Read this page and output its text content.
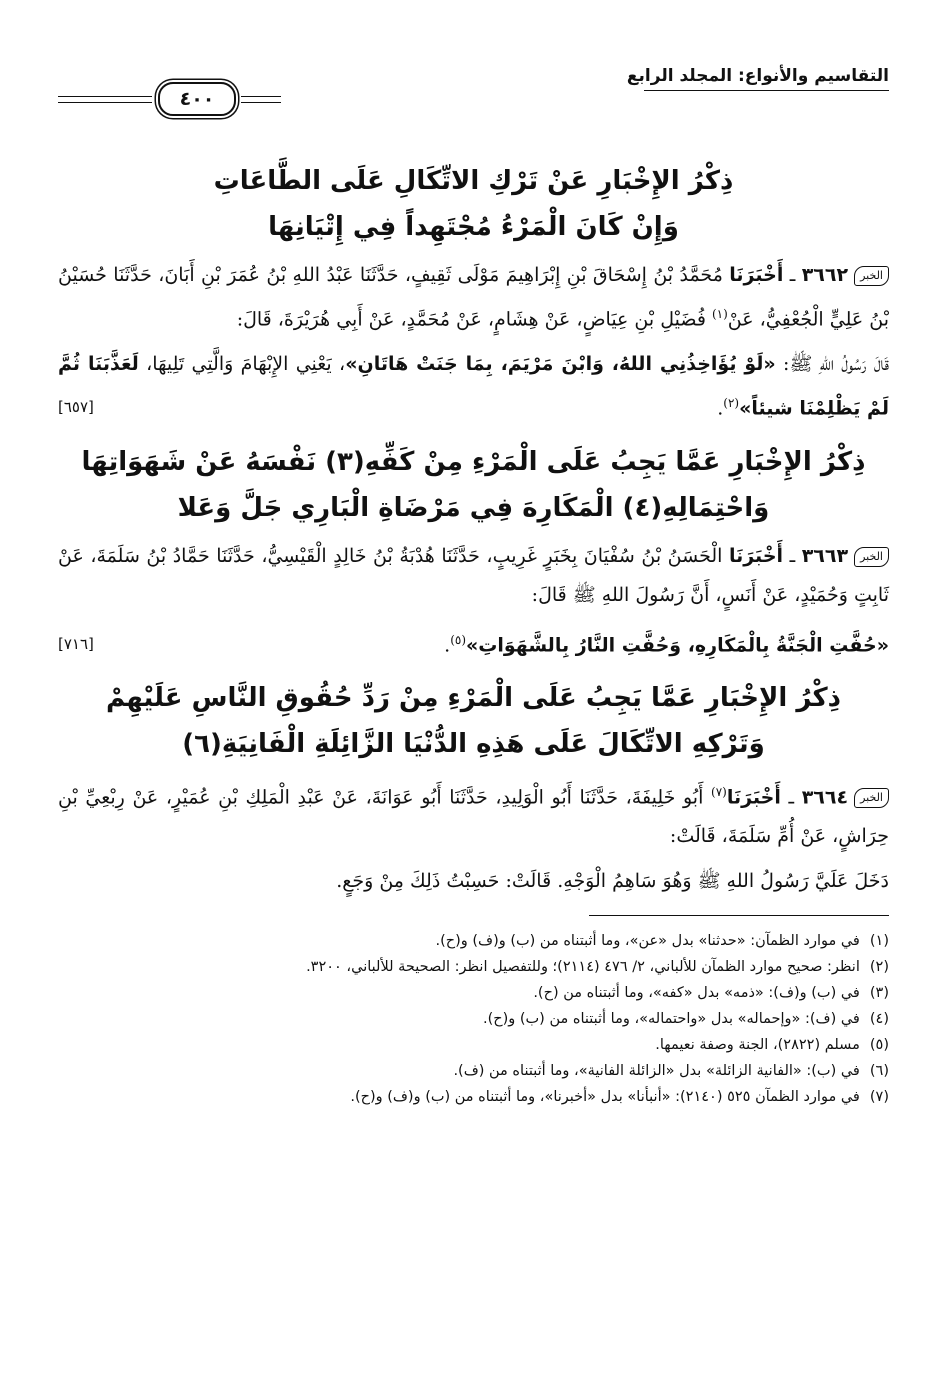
التقاسيم والأنواع: المجلد الرابع
٤٠٠

ذِكْرُ الإِخْبَارِ عَنْ تَرْكِ الاتِّكَالِ عَلَى الطَّاعَاتِ
وَإِنْ كَانَ الْمَرْءُ مُجْتَهِداً فِي إِتْيَانِهَا

الخبر٣٦٦٢ ـ أَخْبَرَنَا مُحَمَّدُ بْنُ إِسْحَاقَ بْنِ إِبْرَاهِيمَ مَوْلَى ثَقِيفٍ، حَدَّثَنَا عَبْدُ اللهِ بْنُ عُمَرَ بْنِ أَبَانَ، حَدَّثَنَا حُسَيْنُ بْنُ عَلِيٍّ الْجُعْفِيُّ، عَنْ$^{(١)}$ فُضَيْلِ بْنِ عِيَاضٍ، عَنْ هِشَامٍ، عَنْ مُحَمَّدٍ، عَنْ أَبِي هُرَيْرَةَ، قَالَ:

قَالَ رَسُولُ اللهِ ﷺ: «لَوْ يُؤَاخِذُنِي اللهُ، وَابْنَ مَرْيَمَ، بِمَا جَنَتْ هَاتَانِ»، يَعْنِي الإِبْهَامَ وَالَّتِي تَلِيهَا، لَعَذَّبَنَا ثُمَّ لَمْ يَظْلِمْنَا شيئاً»$^{(٢)}$.
[٦٥٧]

ذِكْرُ الإِخْبَارِ عَمَّا يَجِبُ عَلَى الْمَرْءِ مِنْ كَفِّهِ(٣) نَفْسَهُ عَنْ شَهَوَاتِهَا
وَاحْتِمَالِهِ(٤) الْمَكَارِهَ فِي مَرْضَاةِ الْبَارِي جَلَّ وَعَلا

الخبر٣٦٦٣ ـ أَخْبَرَنَا الْحَسَنُ بْنُ سُفْيَانَ بِخَبَرٍ غَرِيبٍ، حَدَّثَنَا هُدْبَةُ بْنُ خَالِدٍ الْقَيْسِيُّ، حَدَّثَنَا حَمَّادُ بْنُ سَلَمَةَ، عَنْ ثَابِتٍ وَحُمَيْدٍ، عَنْ أَنَسٍ، أَنَّ رَسُولَ اللهِ ﷺ قَالَ:

«حُفَّتِ الْجَنَّةُ بِالْمَكَارِهِ، وَحُفَّتِ النَّارُ بِالشَّهَوَاتِ»$^{(٥)}$.
[٧١٦]

ذِكْرُ الإِخْبَارِ عَمَّا يَجِبُ عَلَى الْمَرْءِ مِنْ رَدِّ حُقُوقِ النَّاسِ عَلَيْهِمْ
وَتَرْكِهِ الاتِّكَالَ عَلَى هَذِهِ الدُّنْيَا الزَّائِلَةِ الْفَانِيَةِ(٦)

الخبر٣٦٦٤ ـ أَخْبَرَنَا$^{(٧)}$ أَبُو خَلِيفَةَ، حَدَّثَنَا أَبُو الْوَلِيدِ، حَدَّثَنَا أَبُو عَوَانَةَ، عَنْ عَبْدِ الْمَلِكِ بْنِ عُمَيْرٍ، عَنْ رِبْعِيِّ بْنِ حِرَاشٍ، عَنْ أُمِّ سَلَمَةَ، قَالَتْ:

دَخَلَ عَلَيَّ رَسُولُ اللهِ ﷺ وَهُوَ سَاهِمُ الْوَجْهِ. قَالَتْ: حَسِبْتُ ذَلِكَ مِنْ وَجَعٍ.

(١)
في موارد الظمآن: «حدثنا» بدل «عن»، وما أثبتناه من (ب) و(ف) و(ح).
(٢)
انظر: صحيح موارد الظمآن للألباني، ٢/ ٤٧٦ (٢١١٤)؛ وللتفصيل انظر: الصحيحة للألباني، ٣٢٠٠.
(٣)
في (ب) و(ف): «ذمه» بدل «كفه»، وما أثبتناه من (ح).
(٤)
في (ف): «وإحماله» بدل «واحتماله»، وما أثبتناه من (ب) و(ح).
(٥)
مسلم (٢٨٢٢)، الجنة وصفة نعيمها.
(٦)
في (ب): «الفانية الزائلة» بدل «الزائلة الفانية»، وما أثبتناه من (ف).
(٧)
في موارد الظمآن ٥٢٥ (٢١٤٠): «أنبأنا» بدل «أخبرنا»، وما أثبتناه من (ب) و(ف) و(ح).
